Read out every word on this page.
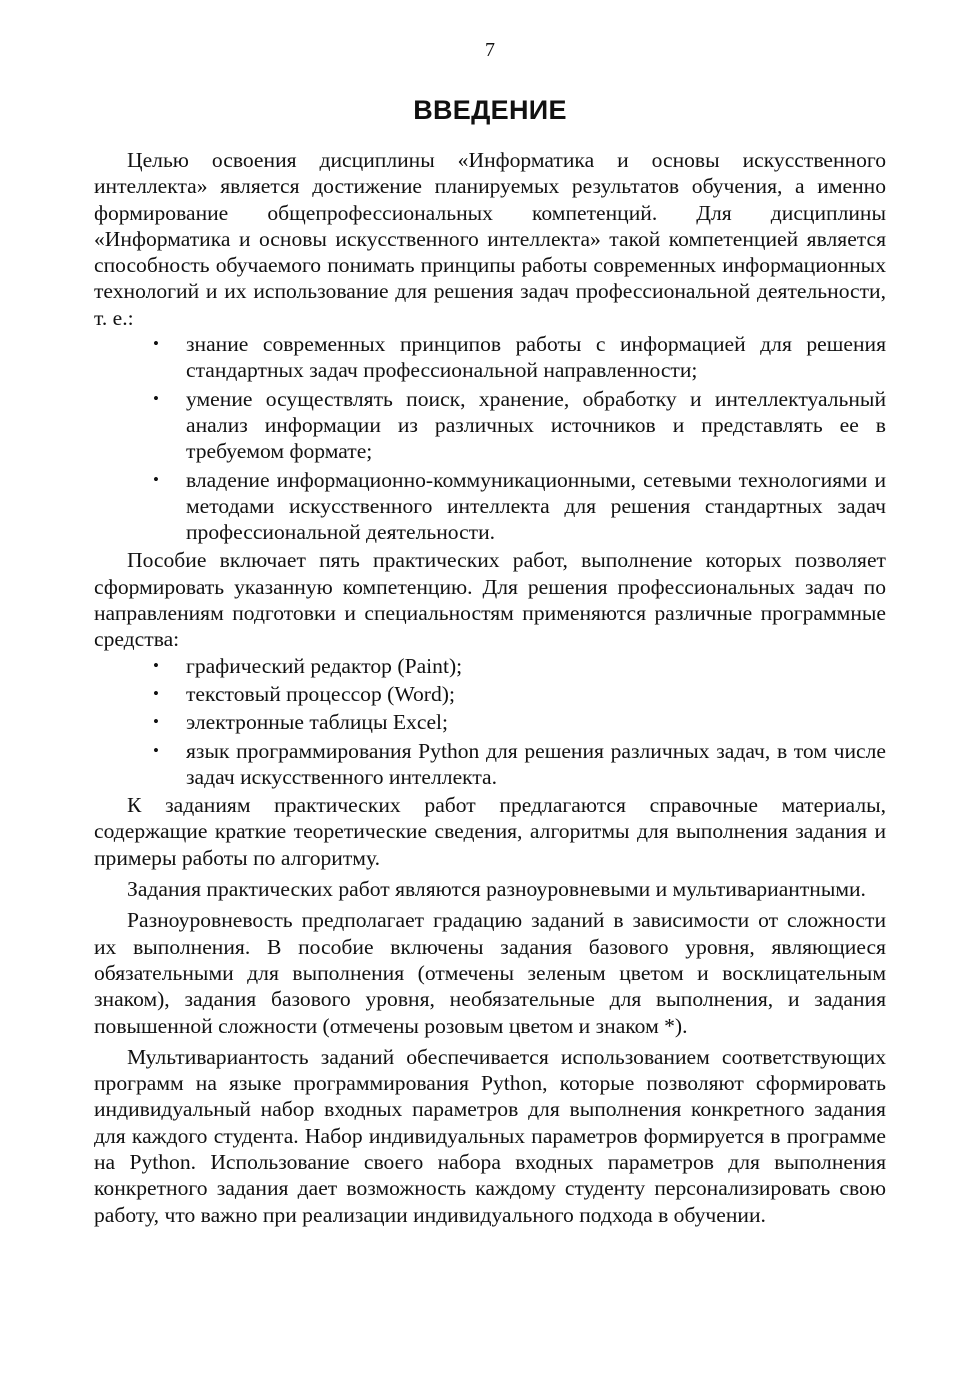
7
ВВЕДЕНИЕ

Целью освоения дисциплины «Информатика и основы искусственного интеллекта» является достижение планируемых результатов обучения, а именно формирование общепрофессиональных компетенций. Для дисциплины «Информатика и основы искусственного интеллекта» такой компетенцией является способность обучаемого понимать принципы работы современных информационных технологий и их использование для решения задач профессиональной деятельности, т. е.:

• знание современных принципов работы с информацией для решения стандартных задач профессиональной направленности;
• умение осуществлять поиск, хранение, обработку и интеллектуальный анализ информации из различных источников и представлять ее в требуемом формате;
• владение информационно-коммуникационными, сетевыми технологиями и методами искусственного интеллекта для решения стандартных задач профессиональной деятельности.

Пособие включает пять практических работ, выполнение которых позволяет сформировать указанную компетенцию. Для решения профессиональных задач по направлениям подготовки и специальностям применяются различные программные средства:

• графический редактор (Paint);
• текстовый процессор (Word);
• электронные таблицы Excel;
• язык программирования Python для решения различных задач, в том числе задач искусственного интеллекта.

К заданиям практических работ предлагаются справочные материалы, содержащие краткие теоретические сведения, алгоритмы для выполнения задания и примеры работы по алгоритму.

Задания практических работ являются разноуровневыми и мультивариантными.

Разноуровневость предполагает градацию заданий в зависимости от сложности их выполнения. В пособие включены задания базового уровня, являющиеся обязательными для выполнения (отмечены зеленым цветом и восклицательным знаком), задания базового уровня, необязательные для выполнения, и задания повышенной сложности (отмечены розовым цветом и знаком *).

Мультивариантость заданий обеспечивается использованием соответствующих программ на языке программирования Python, которые позволяют сформировать индивидуальный набор входных параметров для выполнения конкретного задания для каждого студента. Набор индивидуальных параметров формируется в программе на Python. Использование своего набора входных параметров для выполнения конкретного задания дает возможность каждому студенту персонализировать свою работу, что важно при реализации индивидуального подхода в обучении.
